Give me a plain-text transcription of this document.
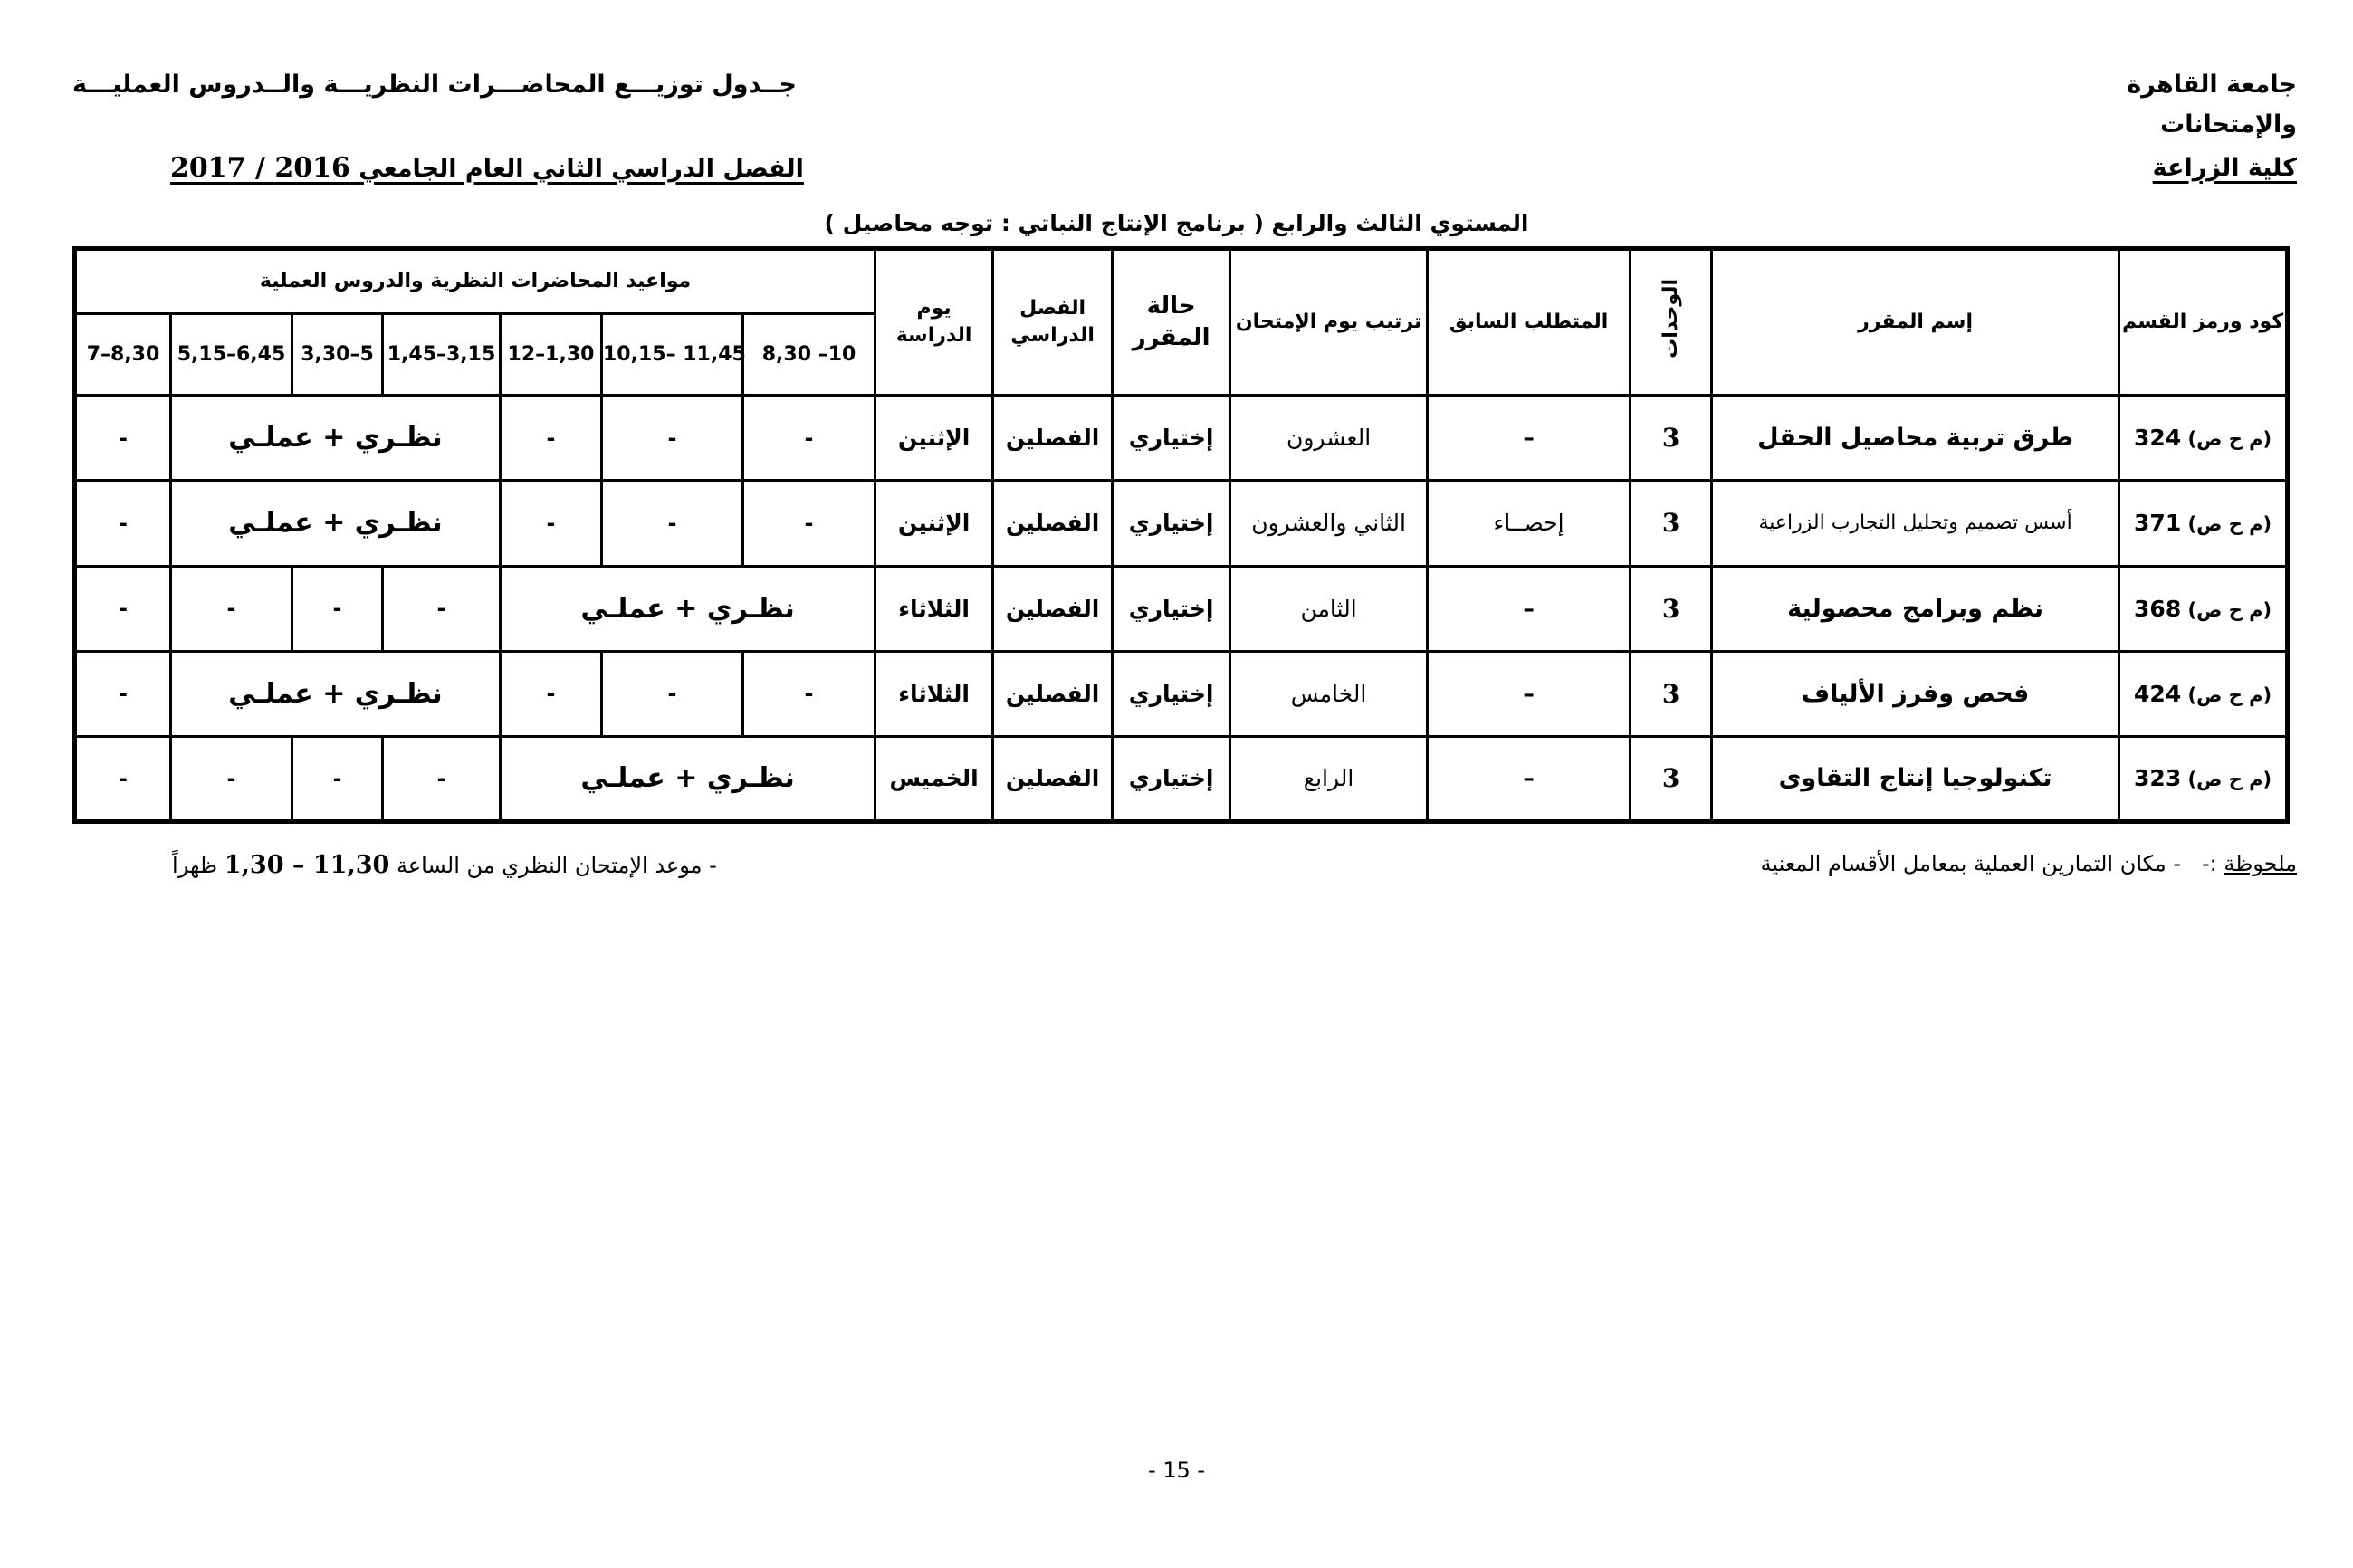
جامعة القاهرة
والإمتحانات
كلية الزراعة
جــدول توزيـــع المحاضـــرات النظريـــة والــدروس العمليـــة
الفصل الدراسي الثاني العام الجامعي 2016 / 2017
المستوي الثالث والرابع ( برنامج الإنتاج النباتي : توجه محاصيل )
مواعيد المحاضرات النظرية والدروس العملية							يوم الدراسة	الفصل الدراسي	حالة المقرر	ترتيب يوم الإمتحان	المتطلب السابق	الوحدات	إسم المقرر	كود ورمز القسم
7–8,30	5,15–6,45	3,30–5	1,45–3,15	12–1,30	10,15– 11,45	8,30 –10								
-	نظـري + عملـي			-	-	-	الإثنين	الفصلين	إختياري	العشرون	–	3	طرق تربية محاصيل الحقل	(م ح ص) 324
-	نظـري + عملـي			-	-	-	الإثنين	الفصلين	إختياري	الثاني والعشرون	إحصــاء	3	أسس تصميم وتحليل التجارب الزراعية	(م ح ص) 371
-	-	-	-	نظـري + عملـي			الثلاثاء	الفصلين	إختياري	الثامن	–	3	نظم وبرامج محصولية	(م ح ص) 368
-	نظـري + عملـي			-	-	-	الثلاثاء	الفصلين	إختياري	الخامس	–	3	فحص وفرز الألياف	(م ح ص) 424
-	-	-	-	نظـري + عملـي			الخميس	الفصلين	إختياري	الرابع	–	3	تكنولوجيا إنتاج التقاوى	(م ح ص) 323
ملحوظة :-   - مكان التمارين العملية بمعامل الأقسام المعنية
- موعد الإمتحان النظري من الساعة 11,30 – 1,30 ظهراً
- 15 -
